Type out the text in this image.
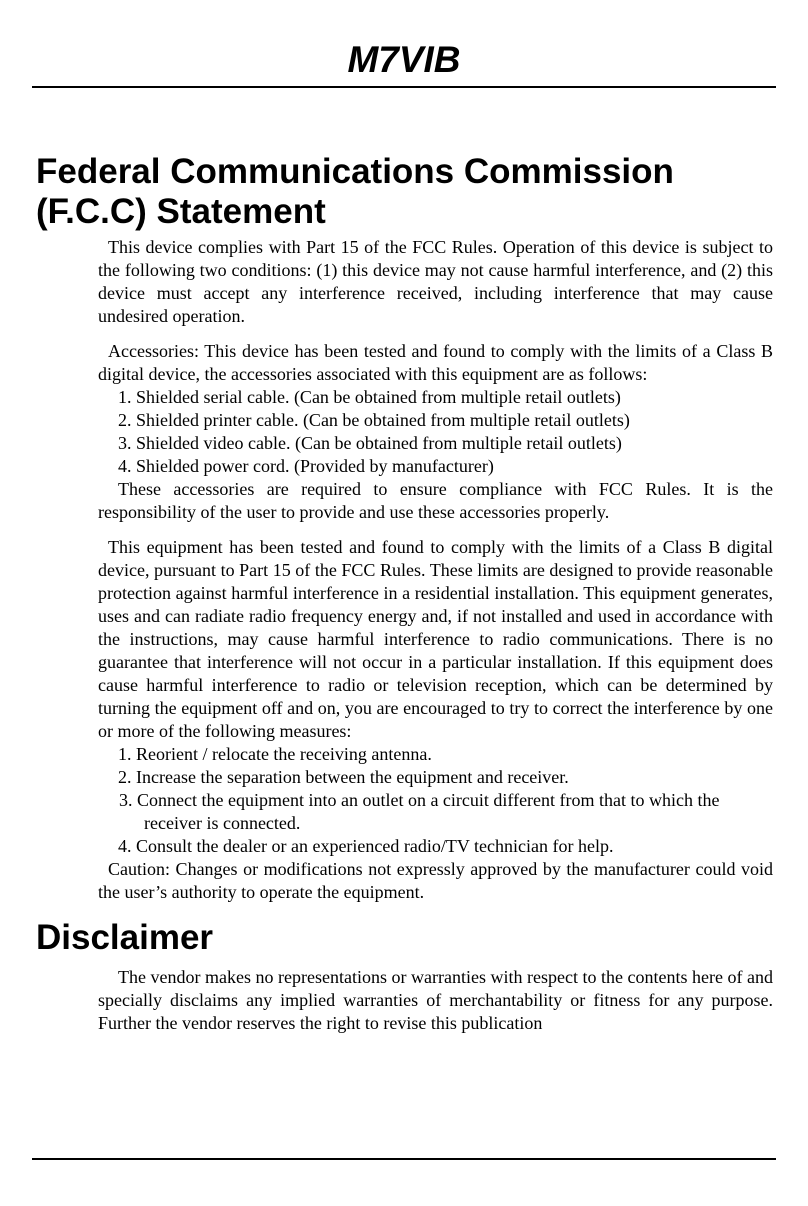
M7VIB
Federal Communications Commission
(F.C.C) Statement

This device complies with Part 15 of the FCC Rules. Operation of this device is subject to the following two conditions: (1) this device may not cause harmful interference, and (2) this device must accept any interference received, including interference that may cause undesired operation.

Accessories: This device has been tested and found to comply with the limits of a Class B digital device, the accessories associated with this equipment are as follows:

1. Shielded serial cable. (Can be obtained from multiple retail outlets)
2. Shielded printer cable. (Can be obtained from multiple retail outlets)
3. Shielded video cable. (Can be obtained from multiple retail outlets)
4. Shielded power cord. (Provided by manufacturer)

These accessories are required to ensure compliance with FCC Rules. It is the responsibility of the user to provide and use these accessories properly.

This equipment has been tested and found to comply with the limits of a Class B digital device, pursuant to Part 15 of the FCC Rules. These limits are designed to provide reasonable protection against harmful interference in a residential installation. This equipment generates, uses and can radiate radio frequency energy and, if not installed and used in accordance with the instructions, may cause harmful interference to radio communications. There is no guarantee that interference will not occur in a particular installation. If this equipment does cause harmful interference to radio or television reception, which can be determined by turning the equipment off and on, you are encouraged to try to correct the interference by one or more of the following measures:

1. Reorient / relocate the receiving antenna.
2. Increase the separation between the equipment and receiver.
3. Connect the equipment into an outlet on a circuit different from that to which the receiver is connected.
4. Consult the dealer or an experienced radio/TV technician for help.

Caution: Changes or modifications not expressly approved by the manufacturer could void the user’s authority to operate the equipment.

Disclaimer

The vendor makes no representations or warranties with respect to the contents here of and specially disclaims any implied warranties of merchantability or fitness for any purpose. Further the vendor reserves the right to revise this publication
